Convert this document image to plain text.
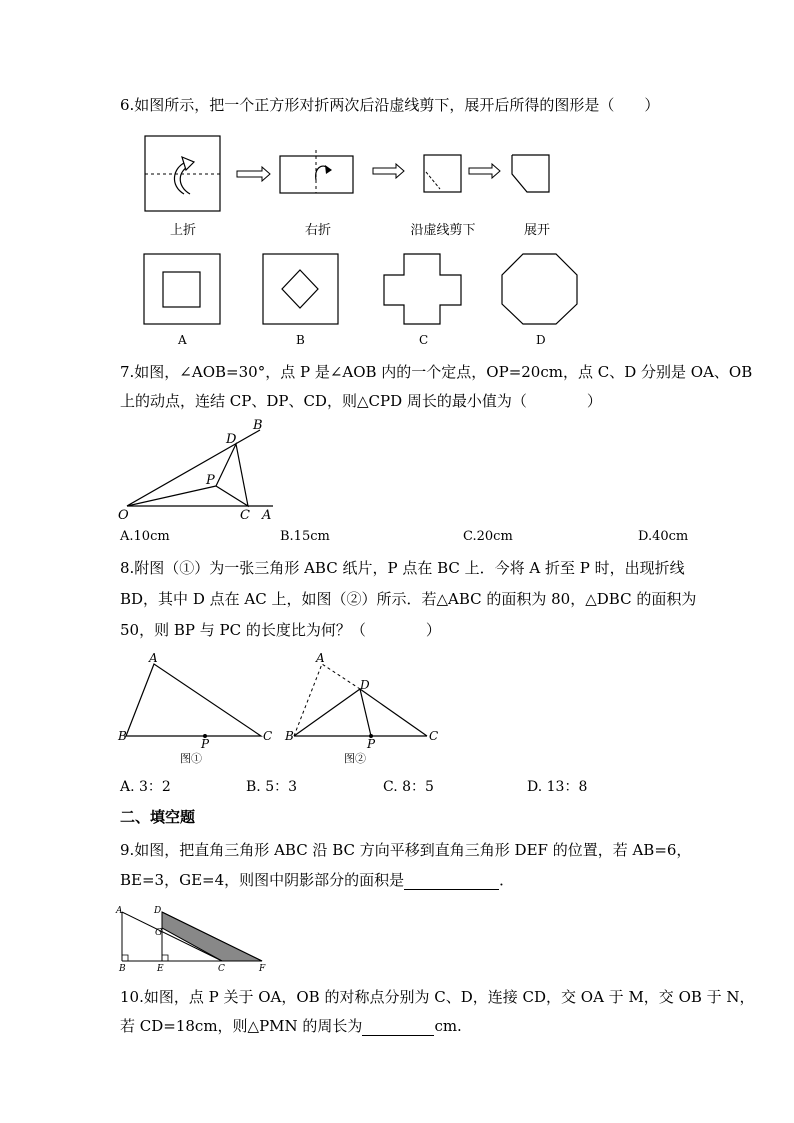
6.如图所示，把一个正方形对折两次后沿虚线剪下，展开后所得的图形是（　　）
上折	右折	沿虚线剪下	展开
A	B	C	D
7.如图，∠AOB=30°，点 P 是∠AOB 内的一个定点，OP=20cm，点 C、D 分别是 OA、OB
上的动点，连结 CP、DP、CD，则△CPD 周长的最小值为（　　　　）
O	A
B
C
D
P
A.10cm	B.15cm	C.20cm	D.40cm
8.附图（①）为一张三角形 ABC 纸片，P 点在 BC 上．今将 A 折至 P 时，出现折线
BD，其中 D 点在 AC 上，如图（②）所示．若△ABC 的面积为 80，△DBC 的面积为
50，则 BP 与 PC 的长度比为何？（　　　　）
A
B	C
P
A
B	C
D
P
图①	图②
A. 3：2	B. 5：3	C. 8：5	D. 13：8
二、填空题
9.如图，把直角三角形 ABC 沿 BC 方向平移到直角三角形 DEF 的位置，若 AB=6，
BE=3，GE=4，则图中阴影部分的面积是	．
A	D
G
B	E	C	F
10.如图，点 P 关于 OA，OB 的对称点分别为 C、D，连接 CD，交 OA 于 M，交 OB 于 N，
若 CD=18cm，则△PMN 的周长为	cm.
